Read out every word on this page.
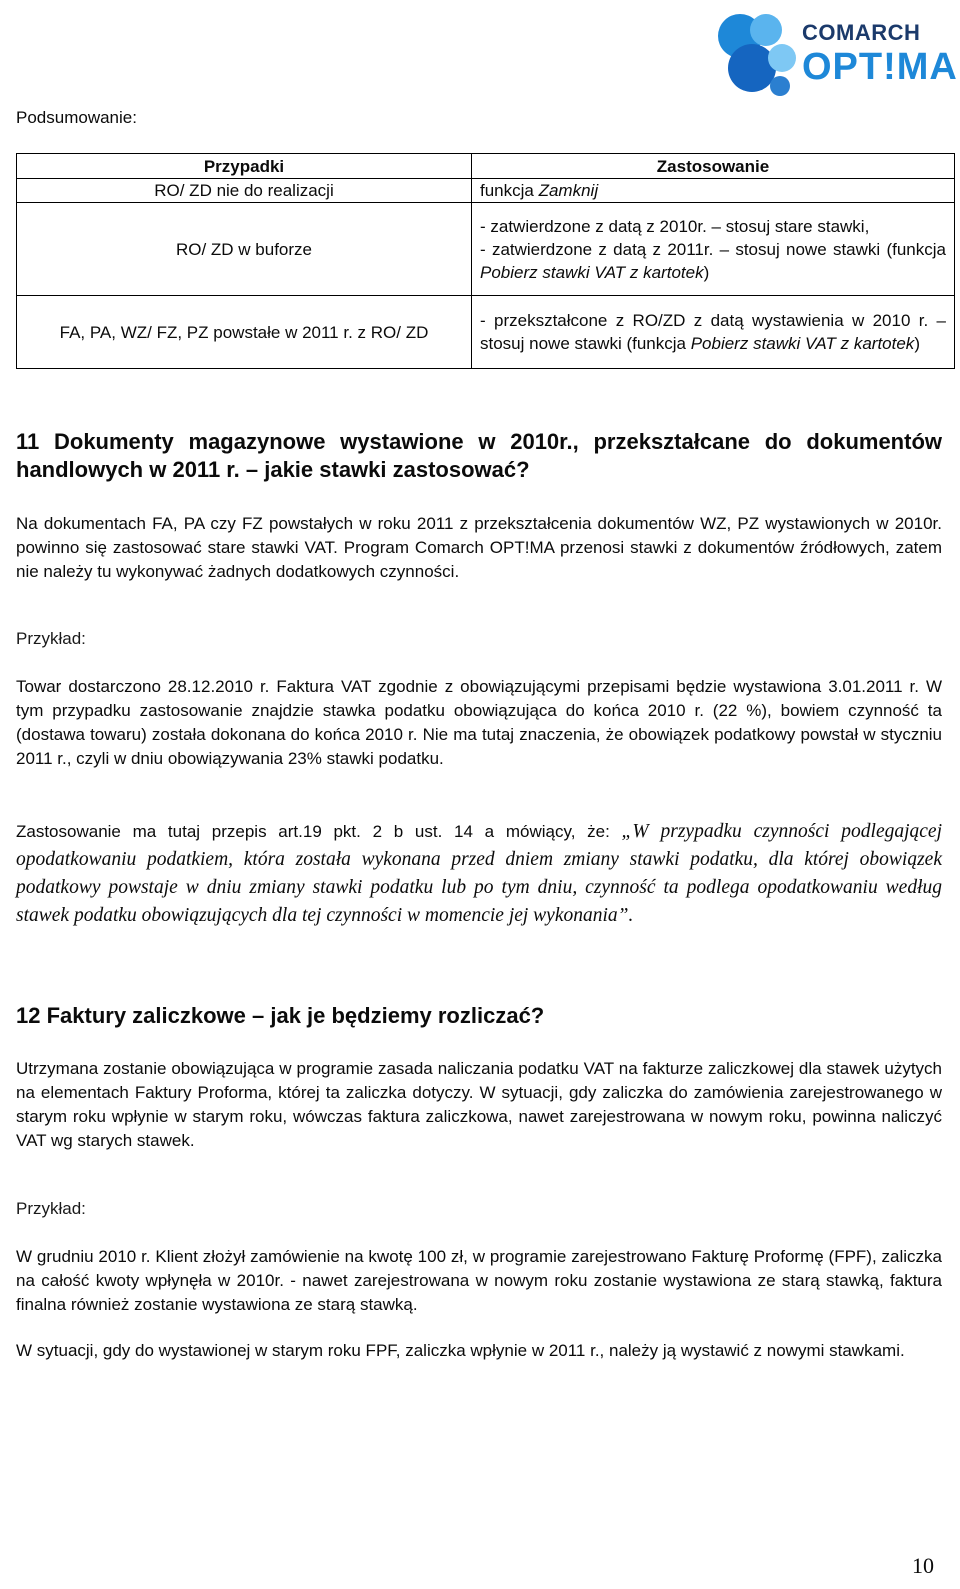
COMARCH
OPT!MA
Podsumowanie:
Przypadki	Zastosowanie
RO/ ZD nie do realizacji	funkcja Zamknij
RO/ ZD w buforze	- zatwierdzone z datą z 2010r. – stosuj stare stawki,
- zatwierdzone z datą z 2011r. – stosuj nowe stawki (funkcja Pobierz stawki VAT z kartotek)

FA, PA, WZ/ FZ, PZ powstałe w 2011 r. z RO/ ZD	- przekształcone z RO/ZD z datą wystawienia w 2010 r. – stosuj nowe stawki (funkcja Pobierz stawki VAT z kartotek)
11 Dokumenty magazynowe wystawione w 2010r., przekształcane do dokumentów handlowych w 2011 r. – jakie stawki zastosować?

Na dokumentach FA, PA czy FZ powstałych w roku 2011 z przekształcenia dokumentów WZ, PZ wystawionych w 2010r. powinno się zastosować stare stawki VAT. Program Comarch OPT!MA przenosi stawki z dokumentów źródłowych, zatem nie należy tu wykonywać żadnych dodatkowych czynności.

Przykład:

Towar dostarczono 28.12.2010 r. Faktura VAT zgodnie z obowiązującymi przepisami będzie wystawiona 3.01.2011 r. W tym przypadku zastosowanie znajdzie stawka podatku obowiązująca do końca 2010 r. (22 %), bowiem czynność ta (dostawa towaru) została dokonana do końca 2010 r. Nie ma tutaj znaczenia, że obowiązek podatkowy powstał w styczniu 2011 r., czyli w dniu obowiązywania 23% stawki podatku.

Zastosowanie ma tutaj przepis art.19 pkt. 2 b ust. 14 a mówiący, że: „W przypadku czynności podlegającej opodatkowaniu podatkiem, która została wykonana przed dniem zmiany stawki podatku, dla której obowiązek podatkowy powstaje w dniu zmiany stawki podatku lub po tym dniu, czynność ta podlega opodatkowaniu według stawek podatku obowiązujących dla tej czynności w momencie jej wykonania”.

12 Faktury zaliczkowe – jak je będziemy rozliczać?

Utrzymana zostanie obowiązująca w programie zasada naliczania podatku VAT na fakturze zaliczkowej dla stawek użytych na elementach Faktury Proforma, której ta zaliczka dotyczy. W sytuacji, gdy zaliczka do zamówienia zarejestrowanego w starym roku wpłynie w starym roku, wówczas faktura zaliczkowa, nawet zarejestrowana w nowym roku, powinna naliczyć VAT wg starych stawek.

Przykład:

W grudniu 2010 r. Klient złożył zamówienie na kwotę 100 zł, w programie zarejestrowano Fakturę Proformę (FPF), zaliczka na całość kwoty wpłynęła w 2010r. - nawet zarejestrowana w nowym roku zostanie wystawiona ze starą stawką, faktura finalna również zostanie wystawiona ze starą stawką.

W sytuacji, gdy do wystawionej w starym roku FPF, zaliczka wpłynie w 2011 r., należy ją wystawić z nowymi stawkami.

10
